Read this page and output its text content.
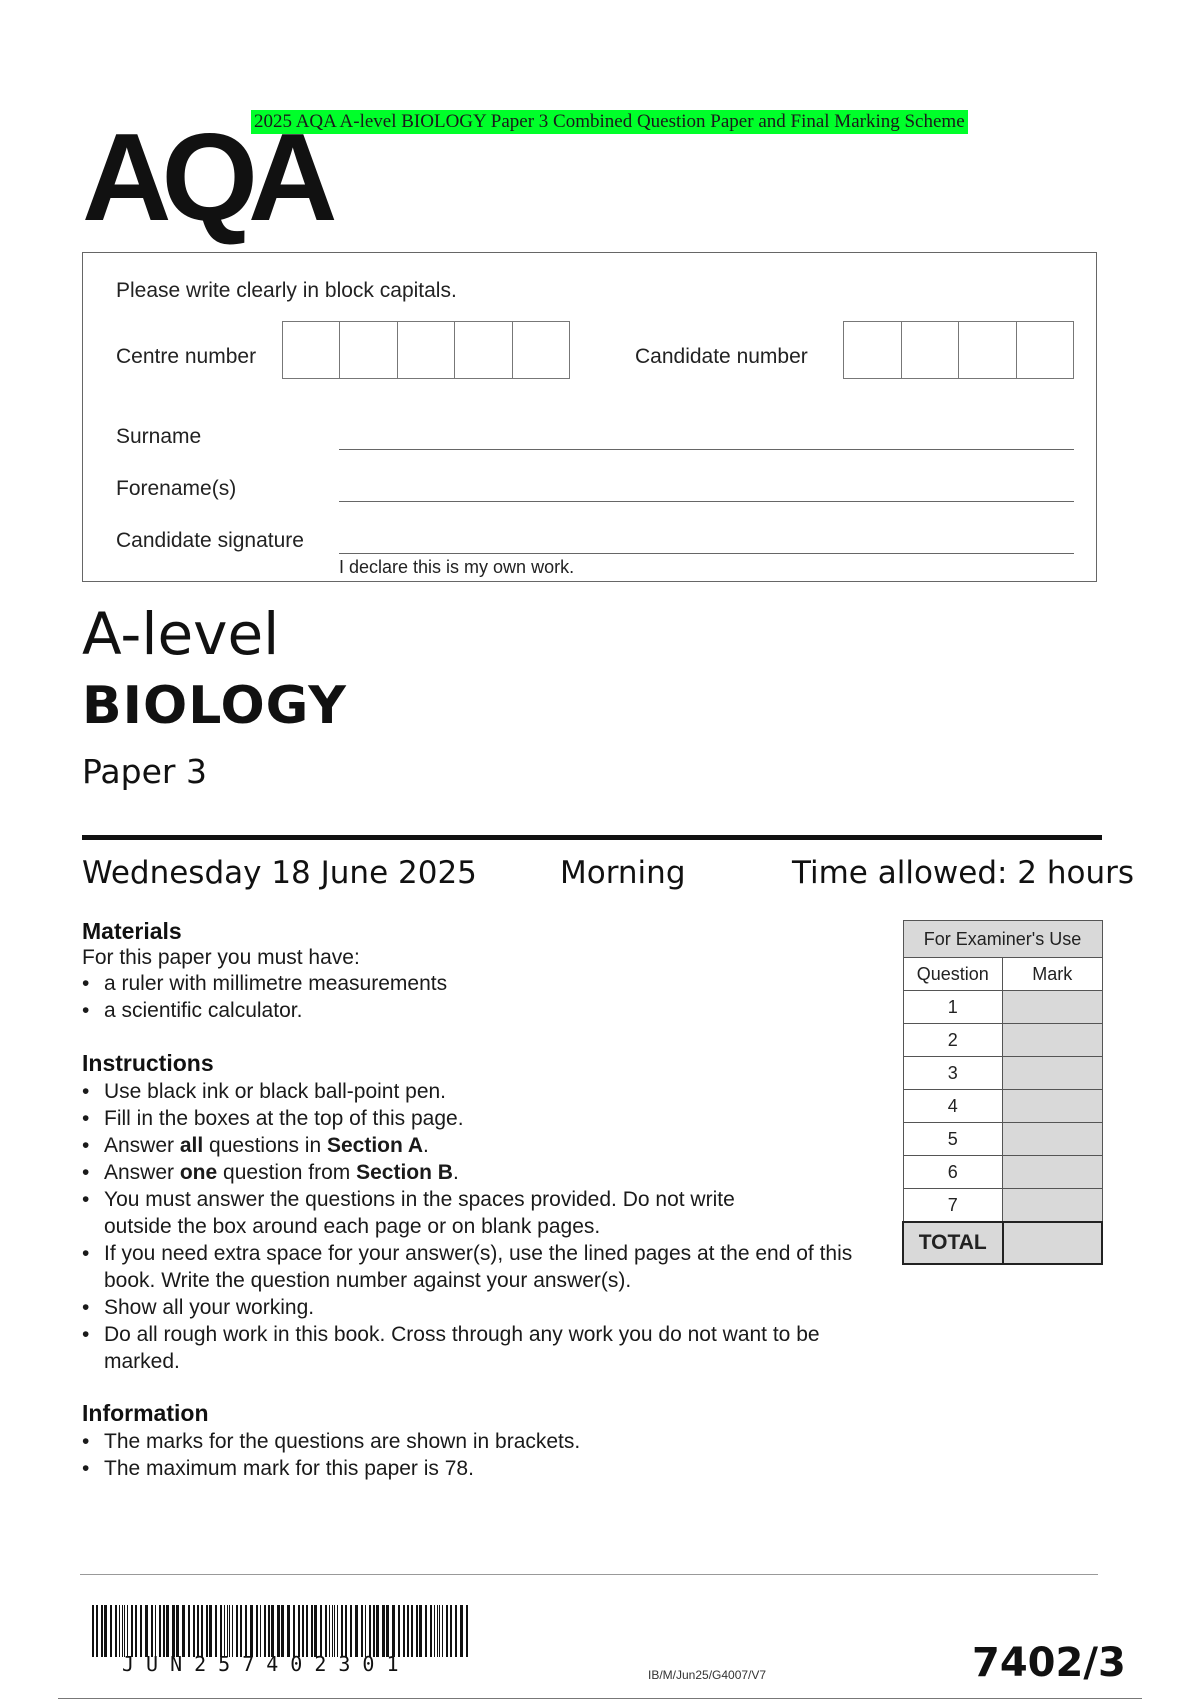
2025 AQA A-level BIOLOGY Paper 3 Combined Question Paper and Final Marking Scheme
AQA
Please write clearly in block capitals.
Centre number	Candidate number
Surname
Forename(s)
Candidate signature
I declare this is my own work.
A-level
BIOLOGY
Paper 3
Wednesday 18 June 2025	Morning	Time allowed: 2 hours
Materials
For this paper you must have:
• a ruler with millimetre measurements
• a scientific calculator.
Instructions
• Use black ink or black ball-point pen.
• Fill in the boxes at the top of this page.
• Answer all questions in Section A.
• Answer one question from Section B.
• You must answer the questions in the spaces provided. Do not write outside the box around each page or on blank pages.
• If you need extra space for your answer(s), use the lined pages at the end of this book. Write the question number against your answer(s).
• Show all your working.
• Do all rough work in this book. Cross through any work you do not want to be marked.
Information
• The marks for the questions are shown in brackets.
• The maximum mark for this paper is 78.
For Examiner's Use	
Question	Mark
1	
2	
3	
4	
5	
6	
7	
TOTAL	
JUN257402301	IB/M/Jun25/G4007/V7	7402/3
